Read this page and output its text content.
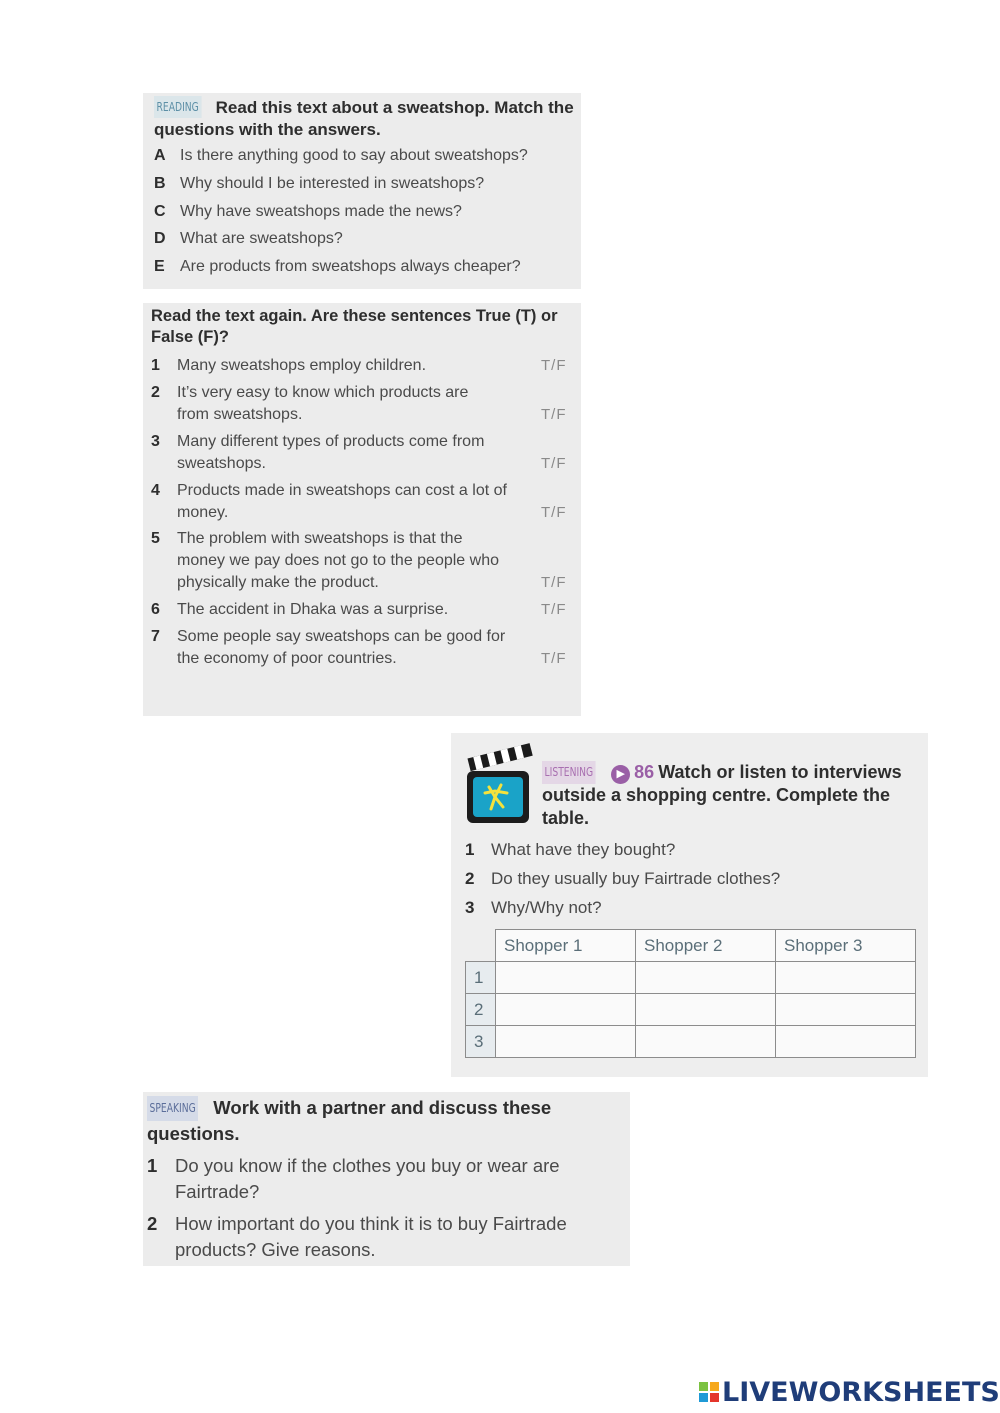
READING Read this text about a sweatshop. Match the questions with the answers.
A Is there anything good to say about sweatshops?
B Why should I be interested in sweatshops?
C Why have sweatshops made the news?
D What are sweatshops?
E Are products from sweatshops always cheaper?
Read the text again. Are these sentences True (T) or False (F)?
1 Many sweatshops employ children.	T/F
2 It’s very easy to know which products are
from sweatshops.	T/F
3 Many different types of products come from
sweatshops.	T/F
4 Products made in sweatshops can cost a lot of
money.	T/F
5 The problem with sweatshops is that the
money we pay does not go to the people who
physically make the product.	T/F
6 The accident in Dhaka was a surprise.	T/F
7 Some people say sweatshops can be good for
the economy of poor countries.	T/F
LISTENING ▶ 86 Watch or listen to interviews outside a shopping centre. Complete the table.
1 What have they bought?
2 Do they usually buy Fairtrade clothes?
3 Why/Why not?
	Shopper 1	Shopper 2	Shopper 3
1			
2			
3			
SPEAKING Work with a partner and discuss these questions.
1 Do you know if the clothes you buy or wear are
Fairtrade?
2 How important do you think it is to buy Fairtrade
products? Give reasons.
LIVEWORKSHEETS
